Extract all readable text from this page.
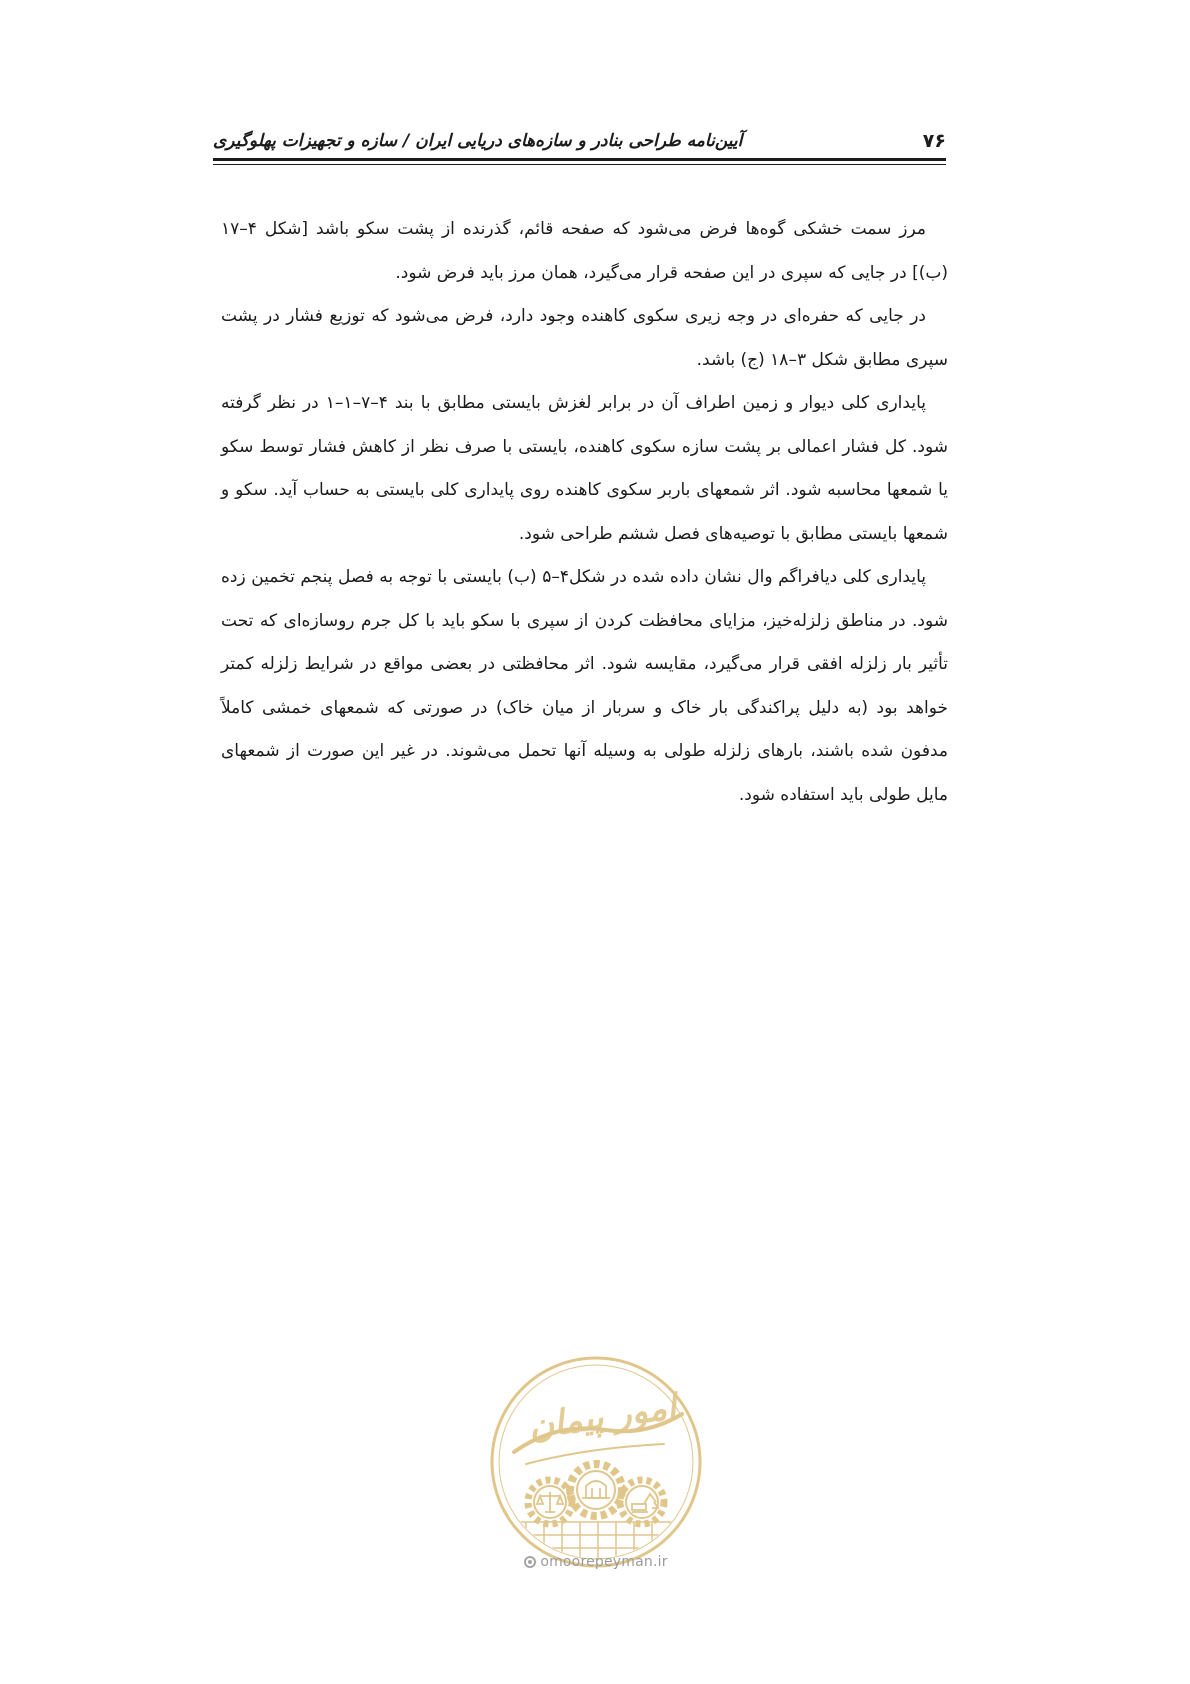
۷۶
آیین‌نامه طراحی بنادر و سازه‌های دریایی ایران / سازه و تجهیزات پهلوگیری

مرز سمت خشکی گوه‌ها فرض می‌شود که صفحه قائم، گذرنده از پشت سکو باشد [شکل ۴–۱۷ (ب)] در جایی که سپری در این صفحه قرار می‌گیرد، همان مرز باید فرض شود.

در جایی که حفره‌ای در وجه زیری سکوی کاهنده وجود دارد، فرض می‌شود که توزیع فشار در پشت سپری مطابق شکل ۳–۱۸ (ج) باشد.

پایداری کلی دیوار و زمین اطراف آن در برابر لغزش بایستی مطابق با بند ۴–۷–۱–۱ در نظر گرفته شود. کل فشار اعمالی بر پشت سازه سکوی کاهنده، بایستی با صرف نظر از کاهش فشار توسط سکو یا شمعها محاسبه شود. اثر شمعهای باربر سکوی کاهنده روی پایداری کلی بایستی به حساب آید. سکو و شمعها بایستی مطابق با توصیه‌های فصل ششم طراحی شود.

پایداری کلی دیافراگم وال نشان داده شده در شکل۴–۵ (ب) بایستی با توجه به فصل پنجم تخمین زده شود. در مناطق زلزله‌خیز، مزایای محافظت کردن از سپری با سکو باید با کل جرم روسازه‌ای که تحت تأثیر بار زلزله افقی قرار می‌گیرد، مقایسه شود. اثر محافظتی در بعضی مواقع در شرایط زلزله کمتر خواهد بود (به دلیل پراکندگی بار خاک و سربار از میان خاک) در صورتی که شمعهای خمشی کاملاً مدفون شده باشند، بارهای زلزله طولی به وسیله آنها تحمل می‌شوند. در غیر این صورت از شمعهای مایل طولی باید استفاده شود.

امور پیمان
omoorepeyman.ir
